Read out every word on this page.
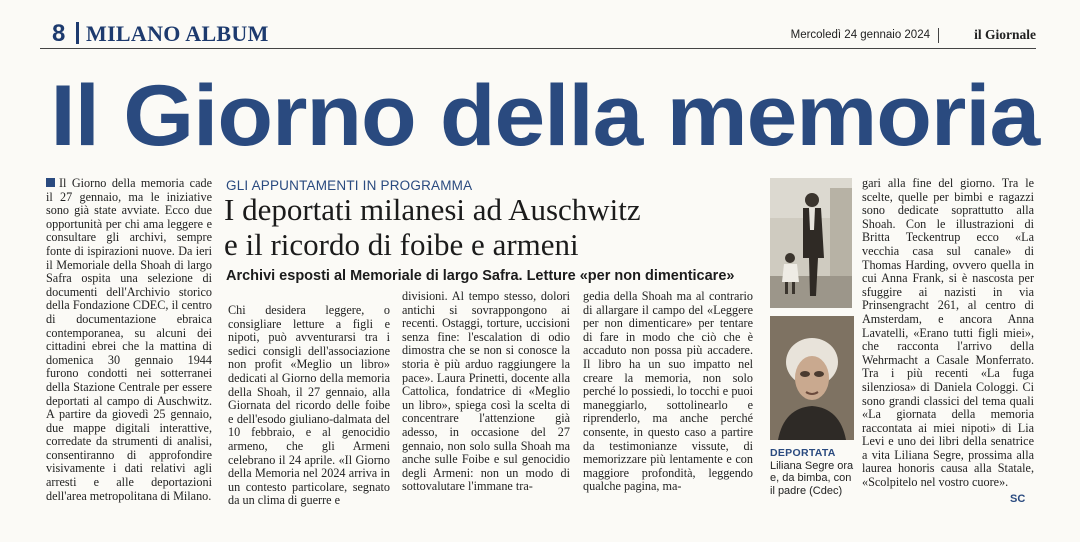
8 MILANO ALBUM	Mercoledì 24 gennaio 2024	il Giornale
Il Giorno della memoria
Il Giorno della memoria cade il 27 gennaio, ma le iniziative sono già state avviate. Ecco due opportunità per chi ama leggere e consultare gli archivi, sempre fonte di ispirazioni nuove. Da ieri il Memoriale della Shoah di largo Safra ospita una selezione di documenti dell'Archivio storico della Fondazione CDEC, il centro di documentazione ebraica contemporanea, su alcuni dei cittadini ebrei che la mattina di domenica 30 gennaio 1944 furono condotti nei sotterranei della Stazione Centrale per essere deportati al campo di Auschwitz. A partire da giovedì 25 gennaio, due mappe digitali interattive, corredate da strumenti di analisi, consentiranno di approfondire visivamente i dati relativi agli arresti e alle deportazioni dell'area metropolitana di Milano.
GLI APPUNTAMENTI IN PROGRAMMA
I deportati milanesi ad Auschwitz
e il ricordo di foibe e armeni
Archivi esposti al Memoriale di largo Safra. Letture «per non dimenticare»
Chi desidera leggere, o consigliare letture a figli e nipoti, può avventurarsi tra i sedici consigli dell'associazione non profit «Meglio un libro» dedicati al Giorno della memoria della Shoah, il 27 gennaio, alla Giornata del ricordo delle foibe e dell'esodo giuliano-dalmata del 10 febbraio, e al genocidio armeno, che gli Armeni celebrano il 24 aprile. «Il Giorno della Memoria nel 2024 arriva in un contesto particolare, segnato da un clima di guerre e
divisioni. Al tempo stesso, dolori antichi si sovrappongono ai recenti. Ostaggi, torture, uccisioni senza fine: l'escalation di odio dimostra che se non si conosce la storia è più arduo raggiungere la pace». Laura Prinetti, docente alla Cattolica, fondatrice di «Meglio un libro», spiega così la scelta di concentrare l'attenzione già adesso, in occasione del 27 gennaio, non solo sulla Shoah ma anche sulle Foibe e sul genocidio degli Armeni: non un modo di sottovalutare l'immane tra-
gedia della Shoah ma al contrario di allargare il campo del «Leggere per non dimenticare» per tentare di fare in modo che ciò che è accaduto non possa più accadere. Il libro ha un suo impatto nel creare la memoria, non solo perché lo possiedi, lo tocchi e puoi maneggiarlo, sottolinearlo e riprenderlo, ma anche perché consente, in questo caso a partire da testimonianze vissute, di memorizzare più lentamente e con maggiore profondità, leggendo qualche pagina, ma-
DEPORTATA
Liliana Segre ora e, da bimba, con il padre (Cdec)
gari alla fine del giorno. Tra le scelte, quelle per bimbi e ragazzi sono dedicate soprattutto alla Shoah. Con le illustrazioni di Britta Teckentrup ecco «La vecchia casa sul canale» di Thomas Harding, ovvero quella in cui Anna Frank, si è nascosta per sfuggire ai nazisti in via Prinsengracht 261, al centro di Amsterdam, e ancora Anna Lavatelli, «Erano tutti figli miei», che racconta l'arrivo della Wehrmacht a Casale Monferrato. Tra i più recenti «La fuga silenziosa» di Daniela Cologgi. Ci sono grandi classici del tema quali «La giornata della memoria raccontata ai miei nipoti» di Lia Levi e uno dei libri della senatrice a vita Liliana Segre, prossima alla laurea honoris causa alla Statale, «Scolpitelo nel vostro cuore».
SC
